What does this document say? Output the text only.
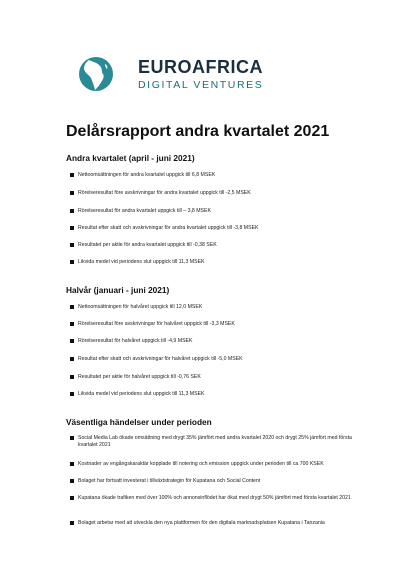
EUROAFRICA
DIGITAL VENTURES
Delårsrapport andra kvartalet 2021
Andra kvartalet (april - juni 2021)
Nettoomsättningen för andra kvartalet uppgick till 6,8 MSEK
Rörelseresultat före avskrivningar för andra kvartalet uppgick till -2,5 MSEK
Rörelseresultat för andra kvartalet uppgick till – 3,8 MSEK
Resultat efter skatt och avskrivningar för andra kvartalet uppgick till -3,8 MSEK
Resultatet per aktie för andra kvartalet uppgick till -0,38 SEK
Likvida medel vid periodens slut uppgick till 11,3 MSEK
Halvår (januari - juni 2021)
Nettoomsättningen för halvåret uppgick till 12,0 MSEK
Rörelseresultat före avskrivningar för halvåret uppgick till -3,3 MSEK
Rörelseresultat för halvåret uppgick till -4,9 MSEK
Resultat efter skatt och avskrivningar för halvåret uppgick till -5,0 MSEK
Resultatet per aktie för halvåret uppgick till -0,76 SEK
Likvida medel vid periodens slut uppgick till 11,3 MSEK
Väsentliga händelser under perioden
Social Media Lab ökade omsättning med drygt 35% jämfört med andra kvartalet 2020 och drygt 25% jämfört med första kvartalet 2021
Kostnader av engångskaraktär kopplade till notering och emission uppgick under perioden till ca 700 KSEK
Bolaget har fortsatt investerat i tillväxtstrategin för Kupatana och Social Content
Kupatana ökade trafiken med över 100% och annonsinflödet har ökat med drygt 50% jämfört med första kvartalet 2021
Bolaget arbetar med att utveckla den nya plattformen för den digitala marknadsplatsen Kupatana i Tanzania
